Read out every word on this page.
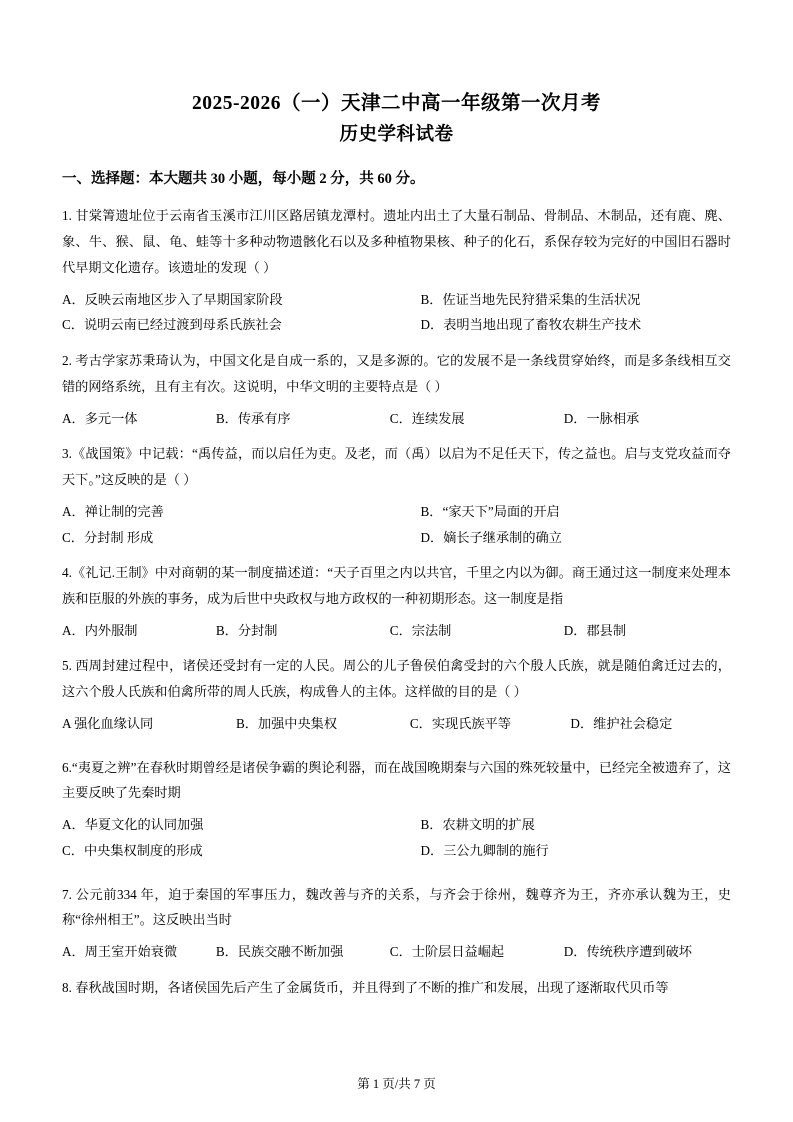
2025-2026（一）天津二中高一年级第一次月考
历史学科试卷
一、选择题：本大题共 30 小题，每小题 2 分，共 60 分。

1. 甘棠箐遗址位于云南省玉溪市江川区路居镇龙潭村。遗址内出土了大量石制品、骨制品、木制品，还有鹿、麂、象、牛、猴、鼠、龟、蛙等十多种动物遗骸化石以及多种植物果核、种子的化石，系保存较为完好的中国旧石器时代早期文化遗存。该遗址的发现（ ）

A．反映云南地区步入了早期国家阶段	B．佐证当地先民狩猎采集的生活状况
C．说明云南已经过渡到母系氏族社会	D．表明当地出现了畜牧农耕生产技术

2. 考古学家苏秉琦认为，中国文化是自成一系的，又是多源的。它的发展不是一条线贯穿始终，而是多条线相互交错的网络系统，且有主有次。这说明，中华文明的主要特点是（ ）

A．多元一体	B．传承有序	C．连续发展	D．一脉相承

3.《战国策》中记载：“禹传益，而以启任为吏。及老，而（禹）以启为不足任天下，传之益也。启与支党攻益而夺天下。”这反映的是（ ）

A．禅让制的完善	B．“家天下”局面的开启
C．分封制 形成	D．嫡长子继承制的确立

4.《礼记.王制》中对商朝的某一制度描述道：“天子百里之内以共官，千里之内以为御。商王通过这一制度来处理本族和臣服的外族的事务，成为后世中央政权与地方政权的一种初期形态。这一制度是指

A．内外服制	B．分封制	C．宗法制	D．郡县制

5. 西周封建过程中，诸侯还受封有一定的人民。周公的儿子鲁侯伯禽受封的六个殷人氏族，就是随伯禽迁过去的，这六个殷人氏族和伯禽所带的周人氏族，构成鲁人的主体。这样做的目的是（ ）

A 强化血缘认同	B．加强中央集权	C．实现氏族平等	D．维护社会稳定

6.“夷夏之辨”在春秋时期曾经是诸侯争霸的舆论利器，而在战国晚期秦与六国的殊死较量中，已经完全被遗弃了，这主要反映了先秦时期

A．华夏文化的认同加强	B．农耕文明的扩展
C．中央集权制度的形成	D．三公九卿制的施行

7. 公元前334 年，迫于秦国的军事压力，魏改善与齐的关系，与齐会于徐州，魏尊齐为王，齐亦承认魏为王，史称“徐州相王”。这反映出当时

A．周王室开始衰微	B．民族交融不断加强	C．士阶层日益崛起	D．传统秩序遭到破坏

8. 春秋战国时期，各诸侯国先后产生了金属货币，并且得到了不断的推广和发展，出现了逐渐取代贝币等

第 1 页/共 7 页
